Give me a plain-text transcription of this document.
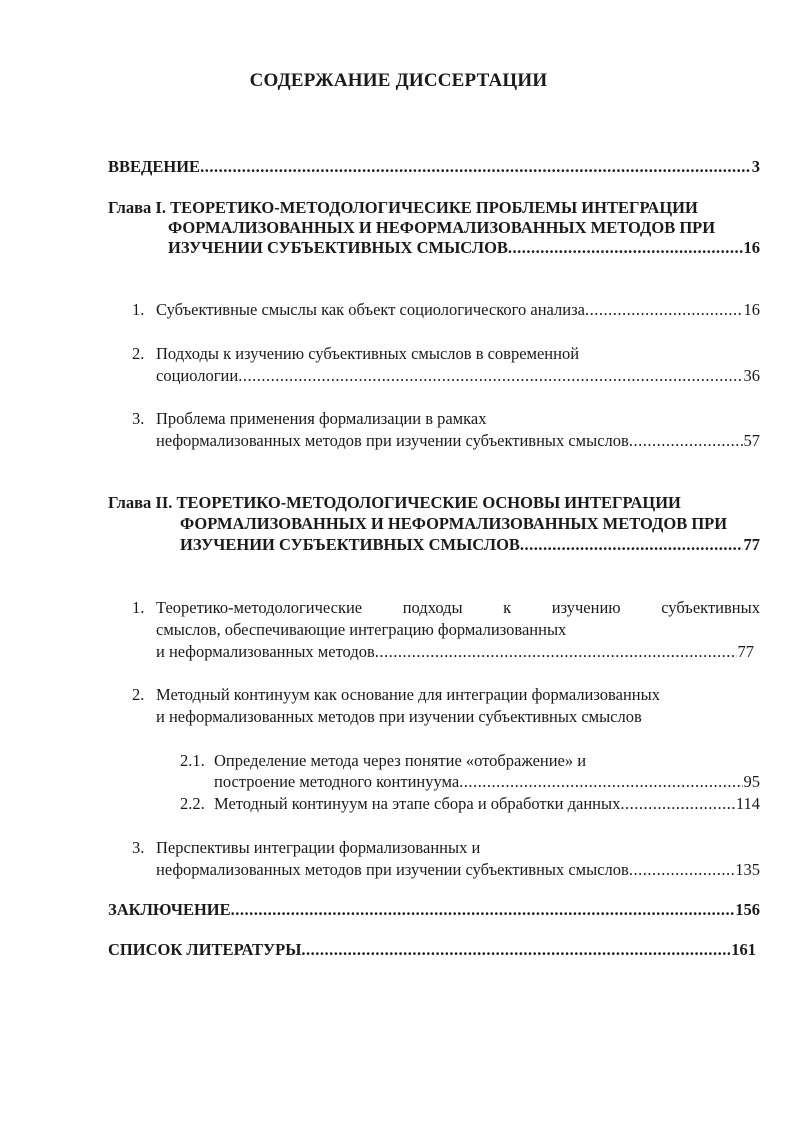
СОДЕРЖАНИЕ ДИССЕРТАЦИИ
ВВЕДЕНИЕ .....	3
Глава I. ТЕОРЕТИКО-МЕТОДОЛОГИЧЕСИКЕ ПРОБЛЕМЫ ИНТЕГРАЦИИ
ФОРМАЛИЗОВАННЫХ И НЕФОРМАЛИЗОВАННЫХ МЕТОДОВ ПРИ
ИЗУЧЕНИИ СУБЪЕКТИВНЫХ СМЫСЛОВ .....	16
1. Субъективные смыслы как объект социологического анализа .....	16
2. Подходы к изучению субъективных смыслов в современной
социологии .....	36
3. Проблема применения формализации в рамках
неформализованных методов при изучении субъективных смыслов .....	57
Глава II. ТЕОРЕТИКО-МЕТОДОЛОГИЧЕСКИЕ ОСНОВЫ ИНТЕГРАЦИИ
ФОРМАЛИЗОВАННЫХ И НЕФОРМАЛИЗОВАННЫХ МЕТОДОВ ПРИ
ИЗУЧЕНИИ СУБЪЕКТИВНЫХ СМЫСЛОВ .....	77
1. Теоретико-методологические подходы к изучению субъективных
смыслов, обеспечивающие интеграцию формализованных
и неформализованных методов .....	77
2. Методный континуум как основание для интеграции формализованных
и неформализованных методов при изучении субъективных смыслов
2.1. Определение метода через понятие «отображение» и
построение методного континуума .....	95
2.2. Методный континуум на этапе сбора и обработки данных .....	114
3. Перспективы интеграции формализованных и
неформализованных методов при изучении субъективных смыслов .....	135
ЗАКЛЮЧЕНИЕ .....	156
СПИСОК ЛИТЕРАТУРЫ .....	161
